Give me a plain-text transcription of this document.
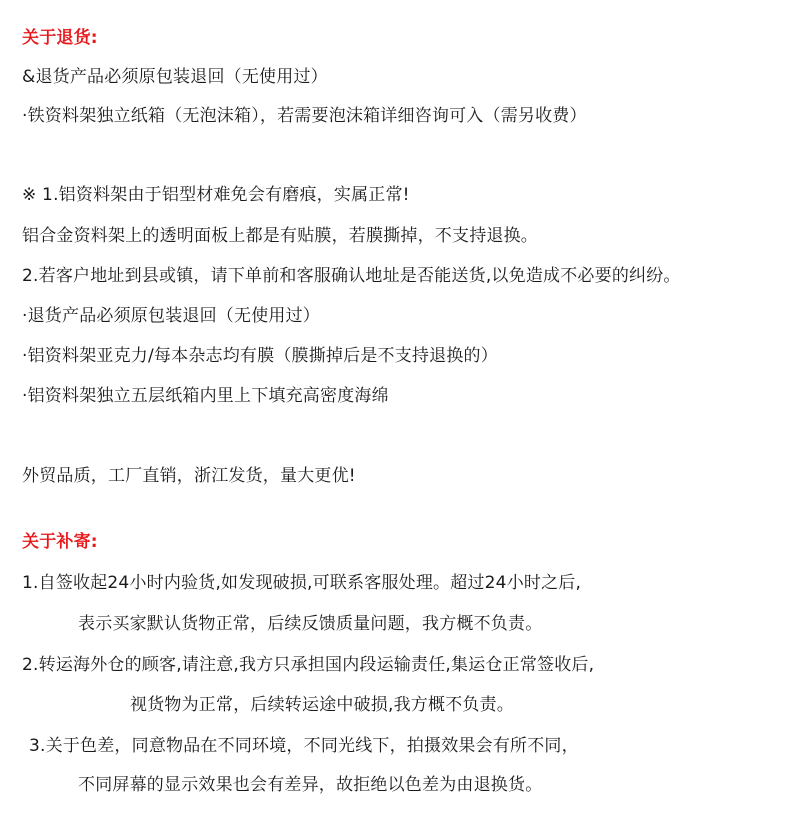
关于退货:
&退货产品必须原包装退回（无使用过）
·铁资料架独立纸箱（无泡沫箱），若需要泡沫箱详细咨询可入（需另收费）
※ 1.铝资料架由于铝型材难免会有磨痕，实属正常!
铝合金资料架上的透明面板上都是有贴膜，若膜撕掉，不支持退换。
2.若客户地址到县或镇，请下单前和客服确认地址是否能送货,以免造成不必要的纠纷。
·退货产品必须原包装退回（无使用过）
·铝资料架亚克力/每本杂志均有膜（膜撕掉后是不支持退换的）
·铝资料架独立五层纸箱内里上下填充高密度海绵
外贸品质，工厂直销，浙江发货，量大更优!
关于补寄:
1.自签收起24小时内验货,如发现破损,可联系客服处理。超过24小时之后,
表示买家默认货物正常，后续反馈质量问题，我方概不负责。
2.转运海外仓的顾客,请注意,我方只承担国内段运输责任,集运仓正常签收后,
视货物为正常，后续转运途中破损,我方概不负责。
3.关于色差，同意物品在不同环境，不同光线下，拍摄效果会有所不同，
不同屏幕的显示效果也会有差异，故拒绝以色差为由退换货。
